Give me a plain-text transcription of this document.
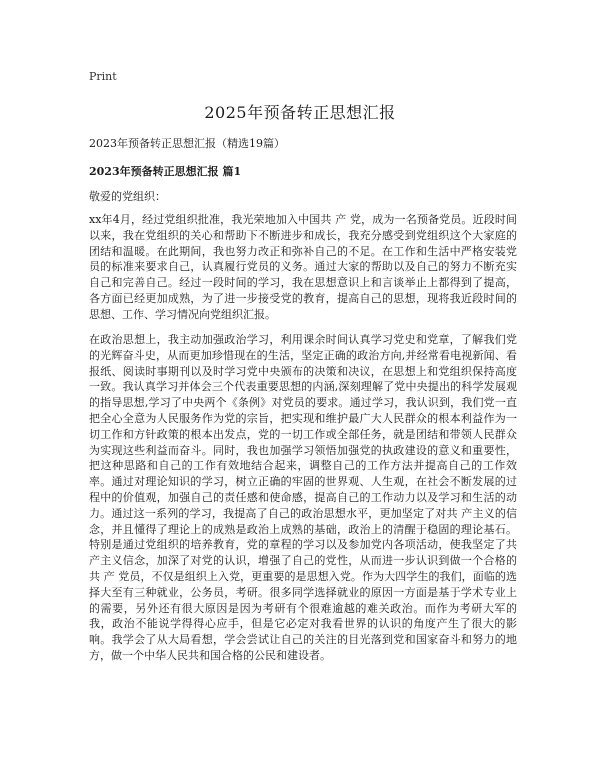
Print
2025年预备转正思想汇报
2023年预备转正思想汇报（精选19篇）
2023年预备转正思想汇报 篇1
敬爱的党组织：

xx年4月，经过党组织批准，我光荣地加入中国共 产 党，成为一名预备党员。近段时间以来，我在党组织的关心和帮助下不断进步和成长，我充分感受到党组织这个大家庭的团结和温暖。在此期间，我也努力改正和弥补自己的不足。在工作和生活中严格安装党员的标准来要求自己，认真履行党员的义务。通过大家的帮助以及自己的努力不断充实自己和完善自己。经过一段时间的学习，我在思想意识上和言谈举止上都得到了提高，各方面已经更加成熟，为了进一步接受党的教育，提高自己的思想，现将我近段时间的思想、工作、学习情况向党组织汇报。

在政治思想上，我主动加强政治学习，利用课余时间认真学习党史和党章，了解我们党的光辉奋斗史，从而更加珍惜现在的生活，坚定正确的政治方向,并经常看电视新闻、看报纸、阅读时事期刊以及时学习党中央颁布的决策和决议，在思想上和党组织保持高度一致。我认真学习并体会三个代表重要思想的内涵,深刻理解了党中央提出的科学发展观的指导思想,学习了中央两个《条例》对党员的要求。通过学习，我认识到，我们党一直把全心全意为人民服务作为党的宗旨，把实现和维护最广大人民群众的根本利益作为一切工作和方针政策的根本出发点，党的一切工作或全部任务，就是团结和带领人民群众为实现这些利益而奋斗。同时，我也加强学习领悟加强党的执政建设的意义和重要性，把这种思路和自己的工作有效地结合起来，调整自己的工作方法并提高自己的工作效率。通过对理论知识的学习，树立正确的牢固的世界观、人生观，在社会不断发展的过程中的价值观，加强自己的责任感和使命感，提高自己的工作动力以及学习和生活的动力。通过这一系列的学习，我提高了自己的政治思想水平，更加坚定了对共 产主义的信念，并且懂得了理论上的成熟是政治上成熟的基础，政治上的清醒于稳固的理论基石。特别是通过党组织的培养教育，党的章程的学习以及参加党内各项活动，使我坚定了共 产主义信念，加深了对党的认识，增强了自己的党性，从而进一步认识到做一个合格的共 产 党员，不仅是组织上入党，更重要的是思想入党。作为大四学生的我们，面临的选择大至有三种就业，公务员，考研。很多同学选择就业的原因一方面是基于学术专业上的需要，另外还有很大原因是因为考研有个很难逾越的难关政治。而作为考研大军的我，政治不能说学得得心应手，但是它必定对我看世界的认识的角度产生了很大的影响。我学会了从大局看想，学会尝试让自己的关注的目光落到党和国家奋斗和努力的地方，做一个中华人民共和国合格的公民和建设者。
